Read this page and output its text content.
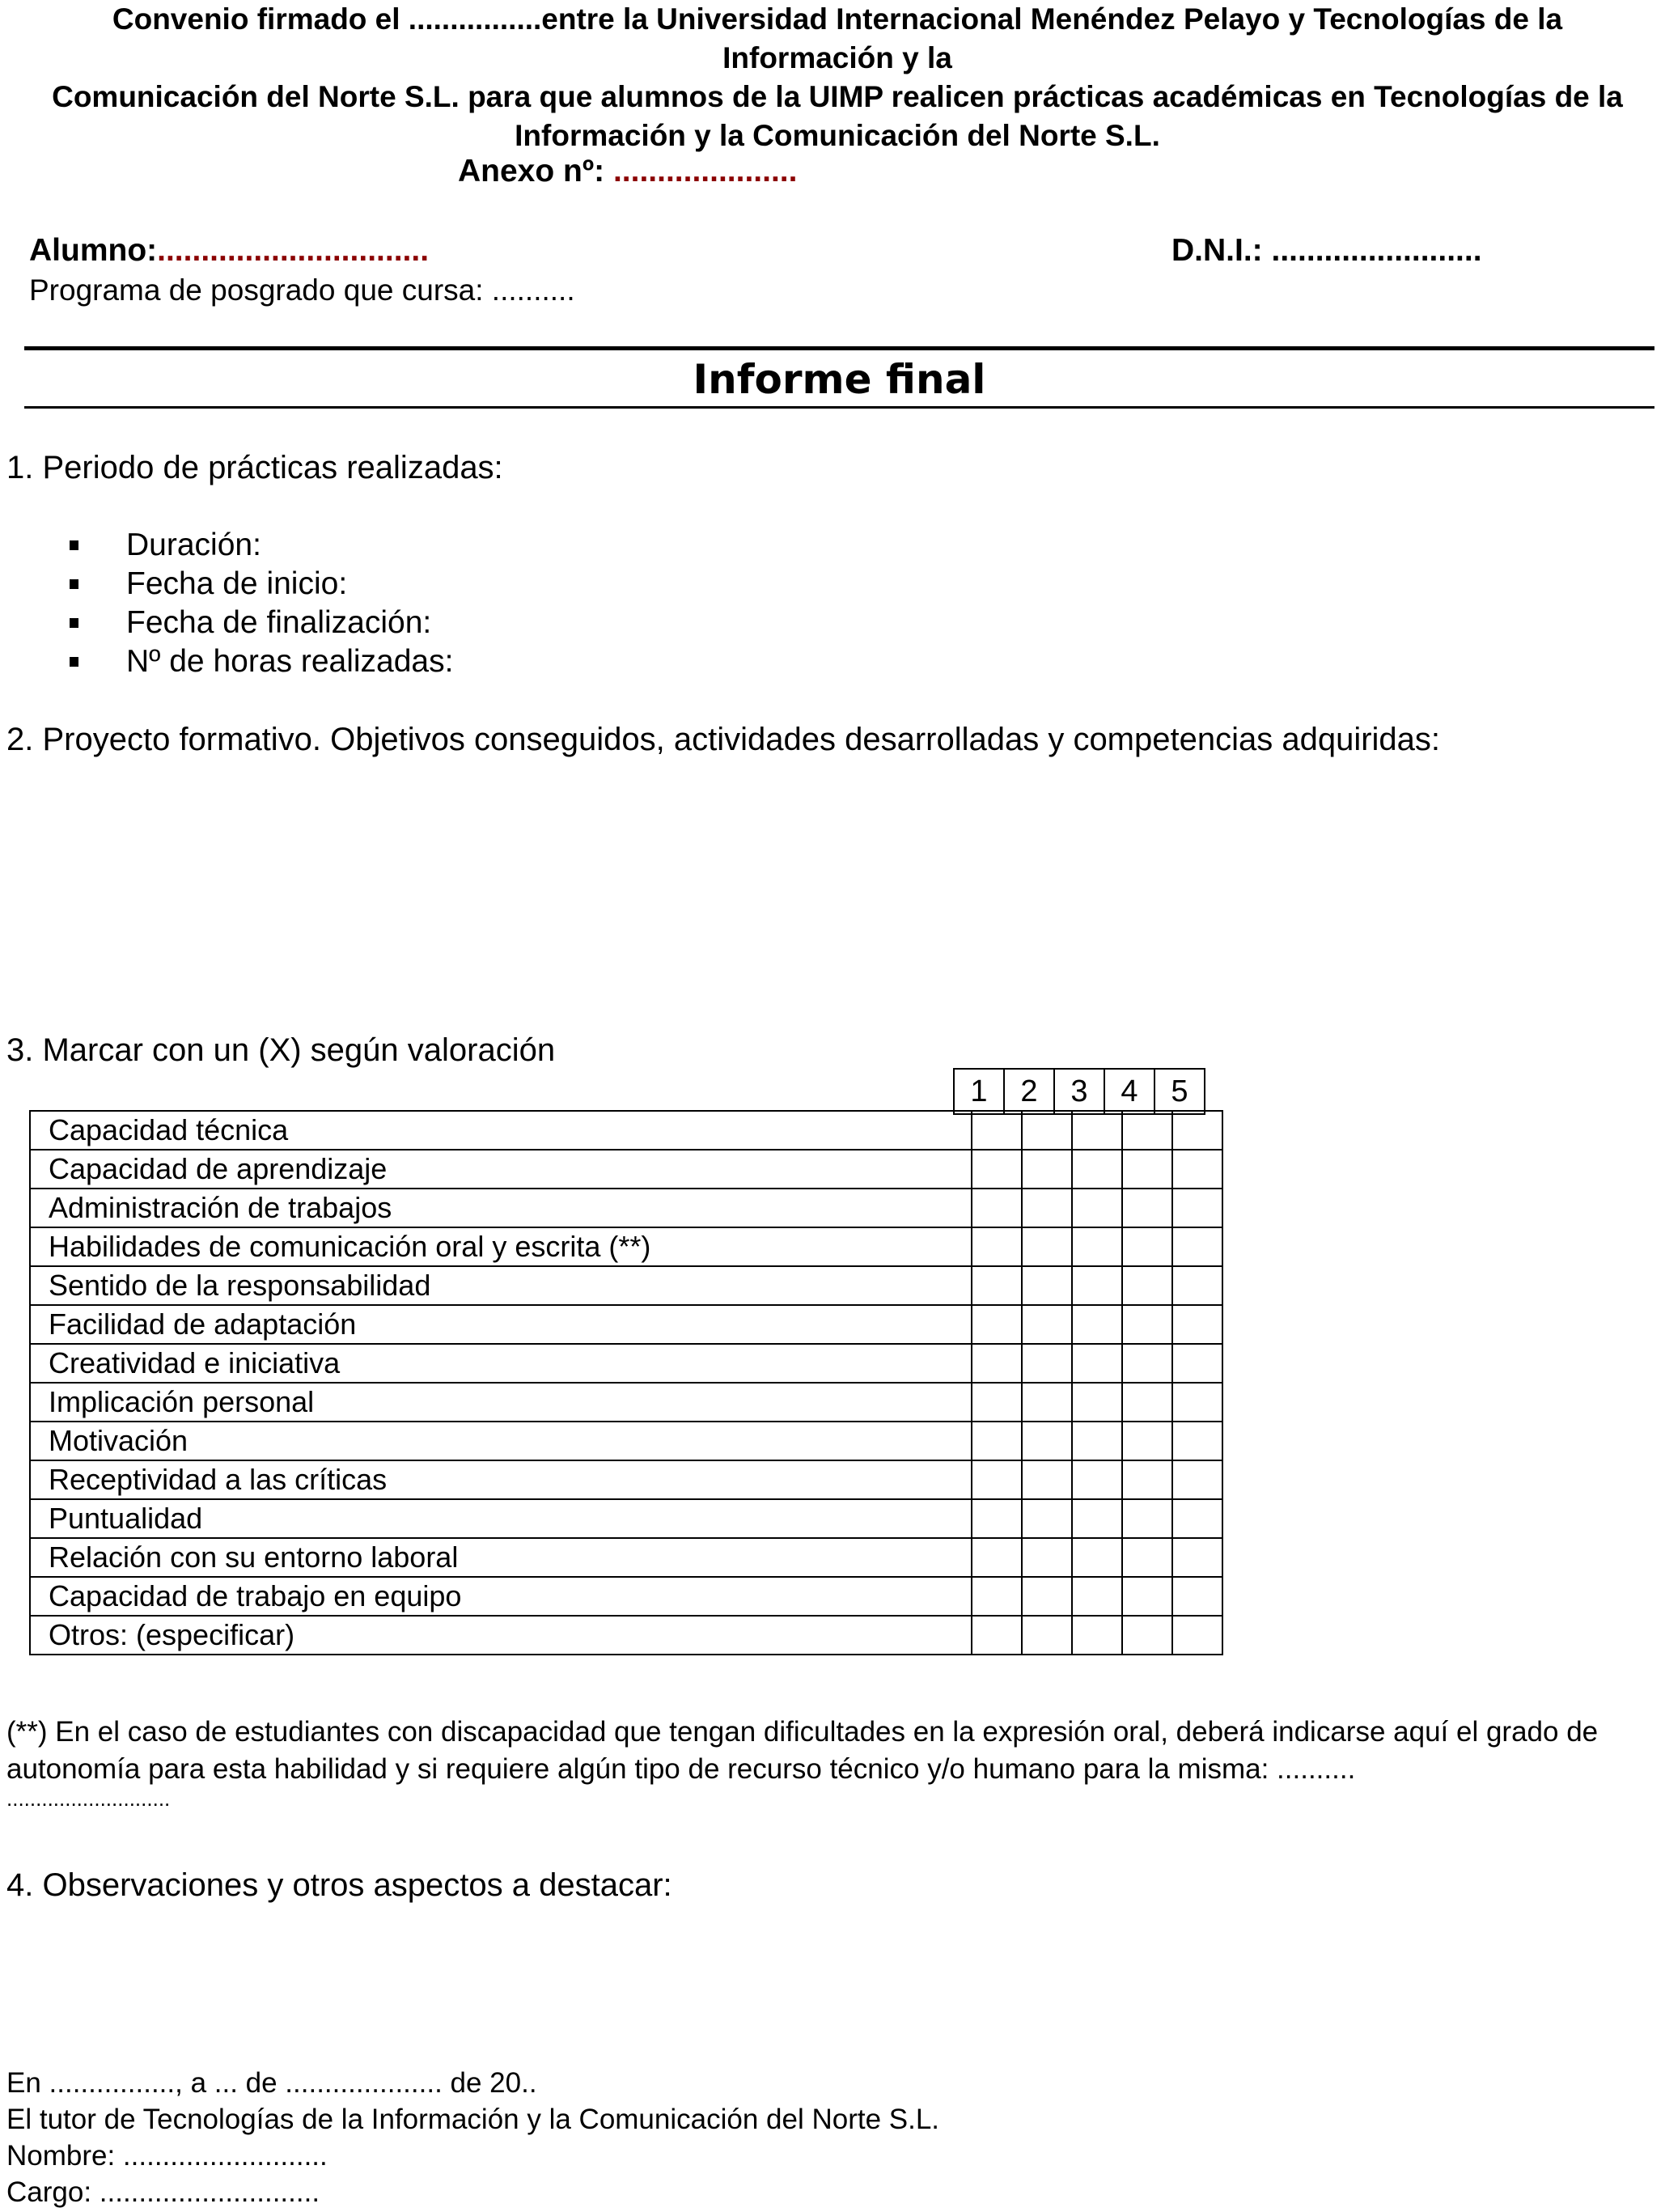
Convenio firmado el ................entre la Universidad Internacional Menéndez Pelayo y Tecnologías de la Información y la
Comunicación del Norte S.L. para que alumnos de la UIMP realicen prácticas académicas en Tecnologías de la
Información y la Comunicación del Norte S.L.
Anexo nº: .....................
Alumno:...............................	D.N.I.: ........................
Programa de posgrado que cursa: ..........
Informe final
1. Periodo de prácticas realizadas:
Duración:
Fecha de inicio:
Fecha de finalización:
Nº de horas realizadas:
2. Proyecto formativo. Objetivos conseguidos, actividades desarrolladas y competencias adquiridas:
3. Marcar con un (X) según valoración
1	2	3	4	5
Capacidad técnica					
Capacidad de aprendizaje					
Administración de trabajos					
Habilidades de comunicación oral y escrita (**)					
Sentido de la responsabilidad					
Facilidad de adaptación					
Creatividad e iniciativa					
Implicación personal					
Motivación					
Receptividad a las críticas					
Puntualidad					
Relación con su entorno laboral					
Capacidad de trabajo en equipo					
Otros: (especificar)					
(**) En el caso de estudiantes con discapacidad que tengan dificultades en la expresión oral, deberá indicarse aquí el grado de
autonomía para esta habilidad y si requiere algún tipo de recurso técnico y/o humano para la misma: ..........
............................
4. Observaciones y otros aspectos a destacar:
En ................, a ... de .................... de 20..
El tutor de Tecnologías de la Información y la Comunicación del Norte S.L.
Nombre: ..........................
Cargo: ............................
